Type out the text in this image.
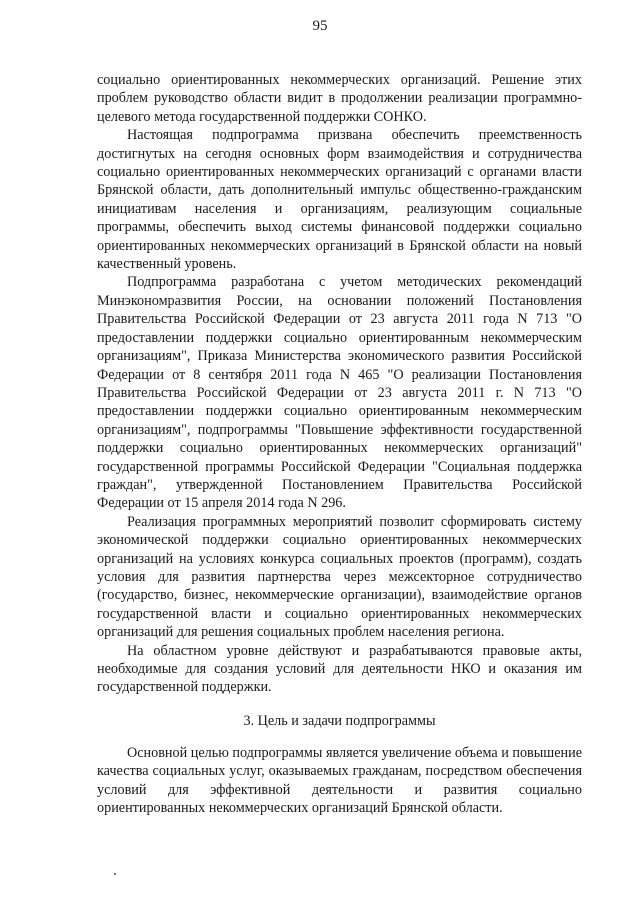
95

социально ориентированных некоммерческих организаций. Решение этих проблем руководство области видит в продолжении реализации программно-целевого метода государственной поддержки СОНКО.

Настоящая подпрограмма призвана обеспечить преемственность достигнутых на сегодня основных форм взаимодействия и сотрудничества социально ориентированных некоммерческих организаций с органами власти Брянской области, дать дополнительный импульс общественно-гражданским инициативам населения и организациям, реализующим социальные программы, обеспечить выход системы финансовой поддержки социально ориентированных некоммерческих организаций в Брянской области на новый качественный уровень.

Подпрограмма разработана с учетом методических рекомендаций Минэкономразвития России, на основании положений Постановления Правительства Российской Федерации от 23 августа 2011 года N 713 "О предоставлении поддержки социально ориентированным некоммерческим организациям", Приказа Министерства экономического развития Российской Федерации от 8 сентября 2011 года N 465 "О реализации Постановления Правительства Российской Федерации от 23 августа 2011 г. N 713 "О предоставлении поддержки социально ориентированным некоммерческим организациям", подпрограммы "Повышение эффективности государственной поддержки социально ориентированных некоммерческих организаций" государственной программы Российской Федерации "Социальная поддержка граждан", утвержденной Постановлением Правительства Российской Федерации от 15 апреля 2014 года N 296.

Реализация программных мероприятий позволит сформировать систему экономической поддержки социально ориентированных некоммерческих организаций на условиях конкурса социальных проектов (программ), создать условия для развития партнерства через межсекторное сотрудничество (государство, бизнес, некоммерческие организации), взаимодействие органов государственной власти и социально ориентированных некоммерческих организаций для решения социальных проблем населения региона.

На областном уровне действуют и разрабатываются правовые акты, необходимые для создания условий для деятельности НКО и оказания им государственной поддержки.

3. Цель и задачи подпрограммы

Основной целью подпрограммы является увеличение объема и повышение качества социальных услуг, оказываемых гражданам, посредством обеспечения условий для эффективной деятельности и развития социально ориентированных некоммерческих организаций Брянской области.
